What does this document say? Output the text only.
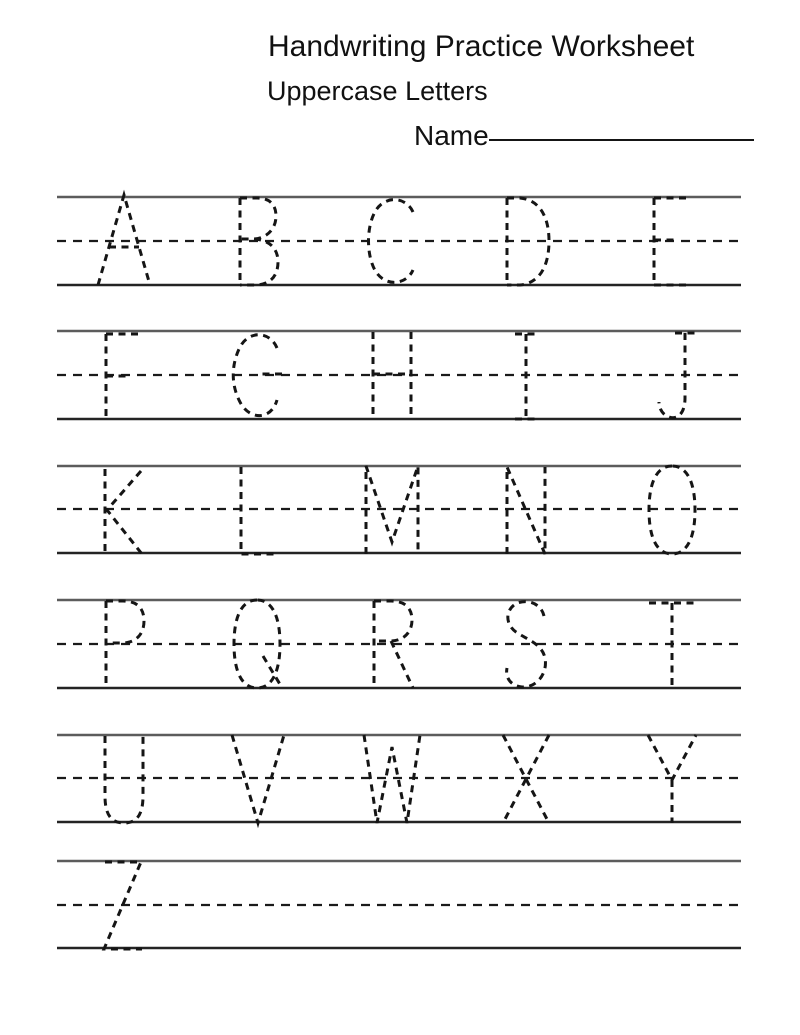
Handwriting Practice Worksheet
Uppercase Letters
Name
